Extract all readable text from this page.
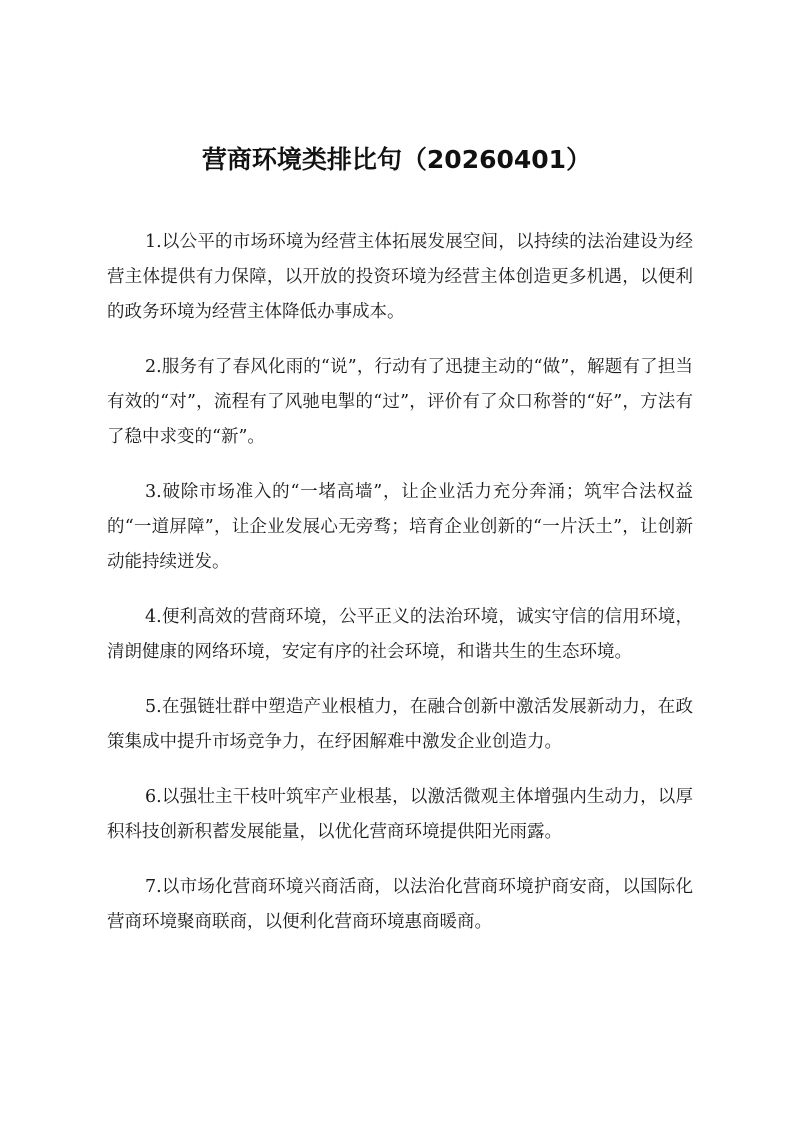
营商环境类排比句（20260401）

1.以公平的市场环境为经营主体拓展发展空间，以持续的法治建设为经营主体提供有力保障，以开放的投资环境为经营主体创造更多机遇，以便利的政务环境为经营主体降低办事成本。

2.服务有了春风化雨的“说”，行动有了迅捷主动的“做”，解题有了担当有效的“对”，流程有了风驰电掣的“过”，评价有了众口称誉的“好”，方法有了稳中求变的“新”。

3.破除市场准入的“一堵高墙”，让企业活力充分奔涌；筑牢合法权益的“一道屏障”，让企业发展心无旁骛；培育企业创新的“一片沃土”，让创新动能持续迸发。

4.便利高效的营商环境，公平正义的法治环境，诚实守信的信用环境，清朗健康的网络环境，安定有序的社会环境，和谐共生的生态环境。

5.在强链壮群中塑造产业根植力，在融合创新中激活发展新动力，在政策集成中提升市场竞争力，在纾困解难中激发企业创造力。

6.以强壮主干枝叶筑牢产业根基，以激活微观主体增强内生动力，以厚积科技创新积蓄发展能量，以优化营商环境提供阳光雨露。

7.以市场化营商环境兴商活商，以法治化营商环境护商安商，以国际化营商环境聚商联商，以便利化营商环境惠商暖商。
